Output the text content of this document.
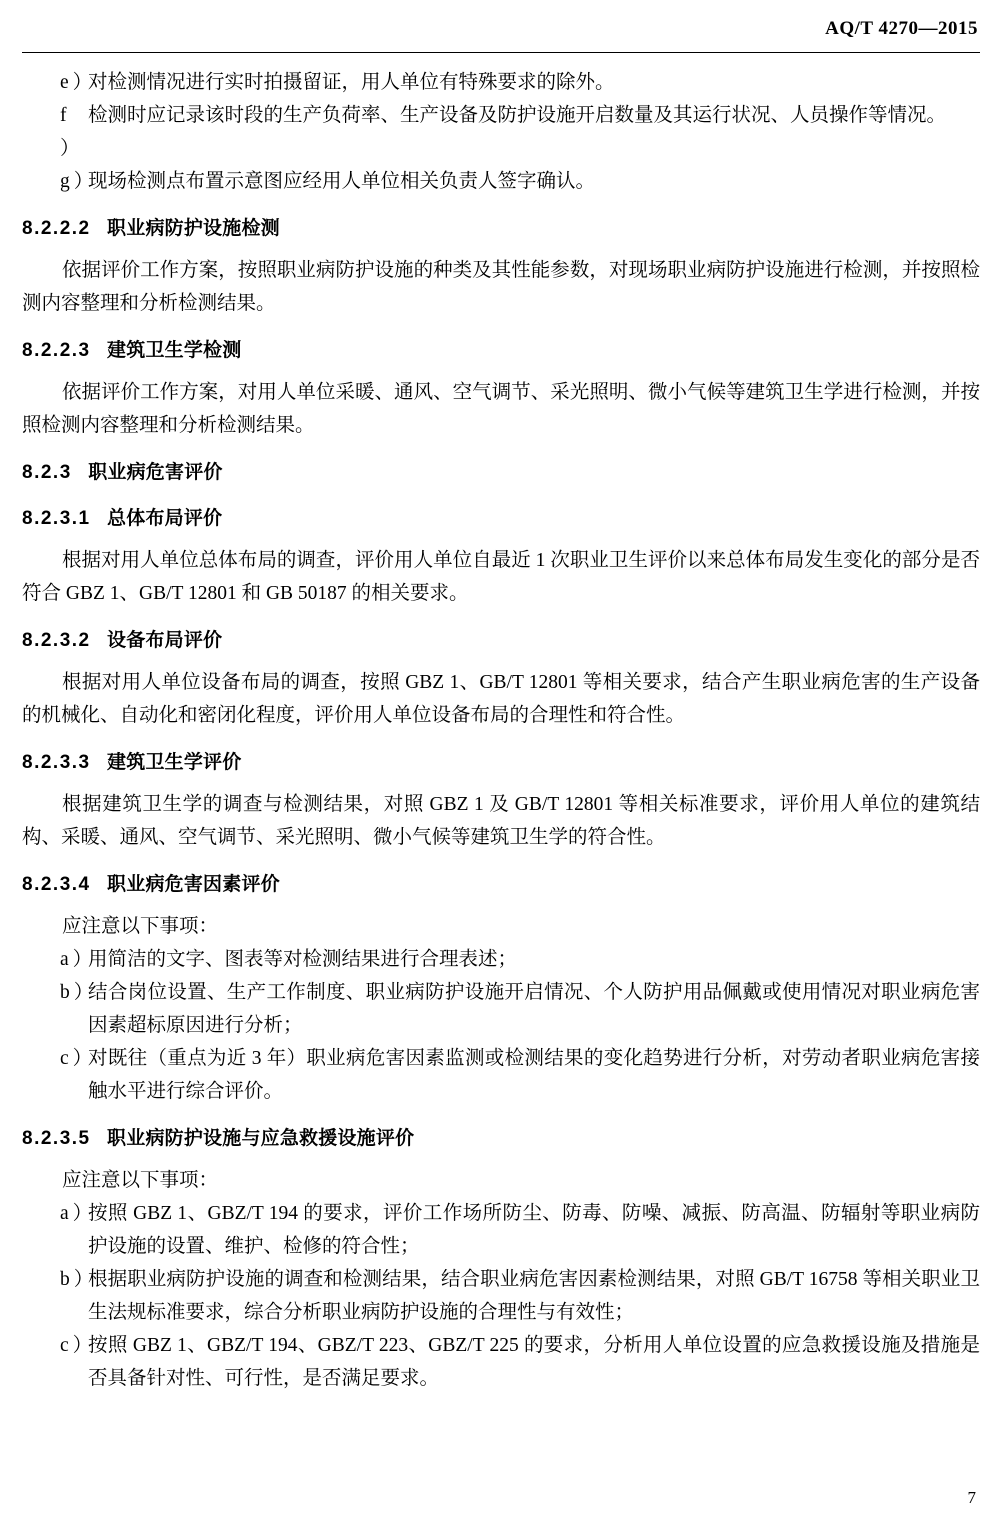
AQ/T 4270—2015
e）
对检测情况进行实时拍摄留证，用人单位有特殊要求的除外。
f ）
检测时应记录该时段的生产负荷率、生产设备及防护设施开启数量及其运行状况、人员操作等情况。
g）
现场检测点布置示意图应经用人单位相关负责人签字确认。
8.2.2.2 职业病防护设施检测
依据评价工作方案，按照职业病防护设施的种类及其性能参数，对现场职业病防护设施进行检测，并按照检测内容整理和分析检测结果。
8.2.2.3 建筑卫生学检测
依据评价工作方案，对用人单位采暖、通风、空气调节、采光照明、微小气候等建筑卫生学进行检测，并按照检测内容整理和分析检测结果。
8.2.3 职业病危害评价
8.2.3.1 总体布局评价
根据对用人单位总体布局的调查，评价用人单位自最近 1 次职业卫生评价以来总体布局发生变化的部分是否符合 GBZ 1、GB/T 12801 和 GB 50187 的相关要求。
8.2.3.2 设备布局评价
根据对用人单位设备布局的调查，按照 GBZ 1、GB/T 12801 等相关要求，结合产生职业病危害的生产设备的机械化、自动化和密闭化程度，评价用人单位设备布局的合理性和符合性。
8.2.3.3 建筑卫生学评价
根据建筑卫生学的调查与检测结果，对照 GBZ 1 及 GB/T 12801 等相关标准要求，评价用人单位的建筑结构、采暖、通风、空气调节、采光照明、微小气候等建筑卫生学的符合性。
8.2.3.4 职业病危害因素评价
应注意以下事项：
a）
用简洁的文字、图表等对检测结果进行合理表述；
b）
结合岗位设置、生产工作制度、职业病防护设施开启情况、个人防护用品佩戴或使用情况对职业病危害因素超标原因进行分析；
c）
对既往（重点为近 3 年）职业病危害因素监测或检测结果的变化趋势进行分析，对劳动者职业病危害接触水平进行综合评价。
8.2.3.5 职业病防护设施与应急救援设施评价
应注意以下事项：
a）
按照 GBZ 1、GBZ/T 194 的要求，评价工作场所防尘、防毒、防噪、减振、防高温、防辐射等职业病防护设施的设置、维护、检修的符合性；
b）
根据职业病防护设施的调查和检测结果，结合职业病危害因素检测结果，对照 GB/T 16758 等相关职业卫生法规标准要求，综合分析职业病防护设施的合理性与有效性；
c）
按照 GBZ 1、GBZ/T 194、GBZ/T 223、GBZ/T 225 的要求，分析用人单位设置的应急救援设施及措施是否具备针对性、可行性，是否满足要求。
7
